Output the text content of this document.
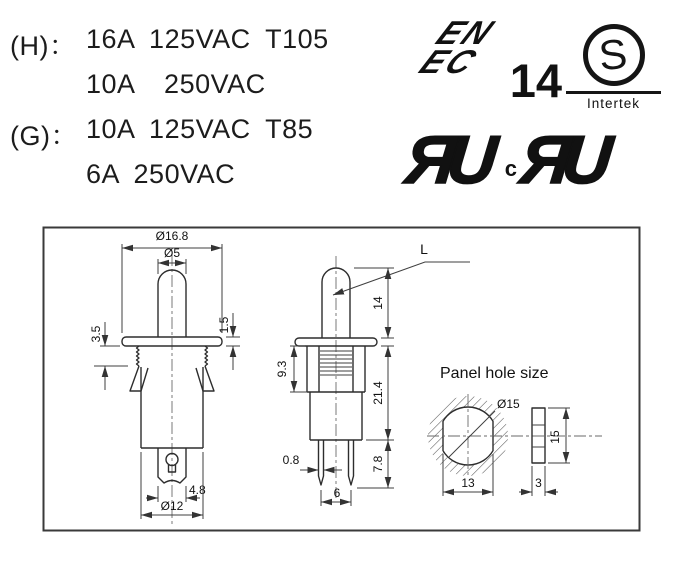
(H)： 16A 125VAC T105
10A  250VAC
(G)： 10A 125VAC T85
6A 250VAC
EN
EC 14 S
Intertek
ЯU c ЯU
Ø16.8
Ø5
3.5
1.5
4.8
Ø12
L
14
9.3
21.4
7.8
0.8
6
Panel hole size
Ø15
13
15
3
